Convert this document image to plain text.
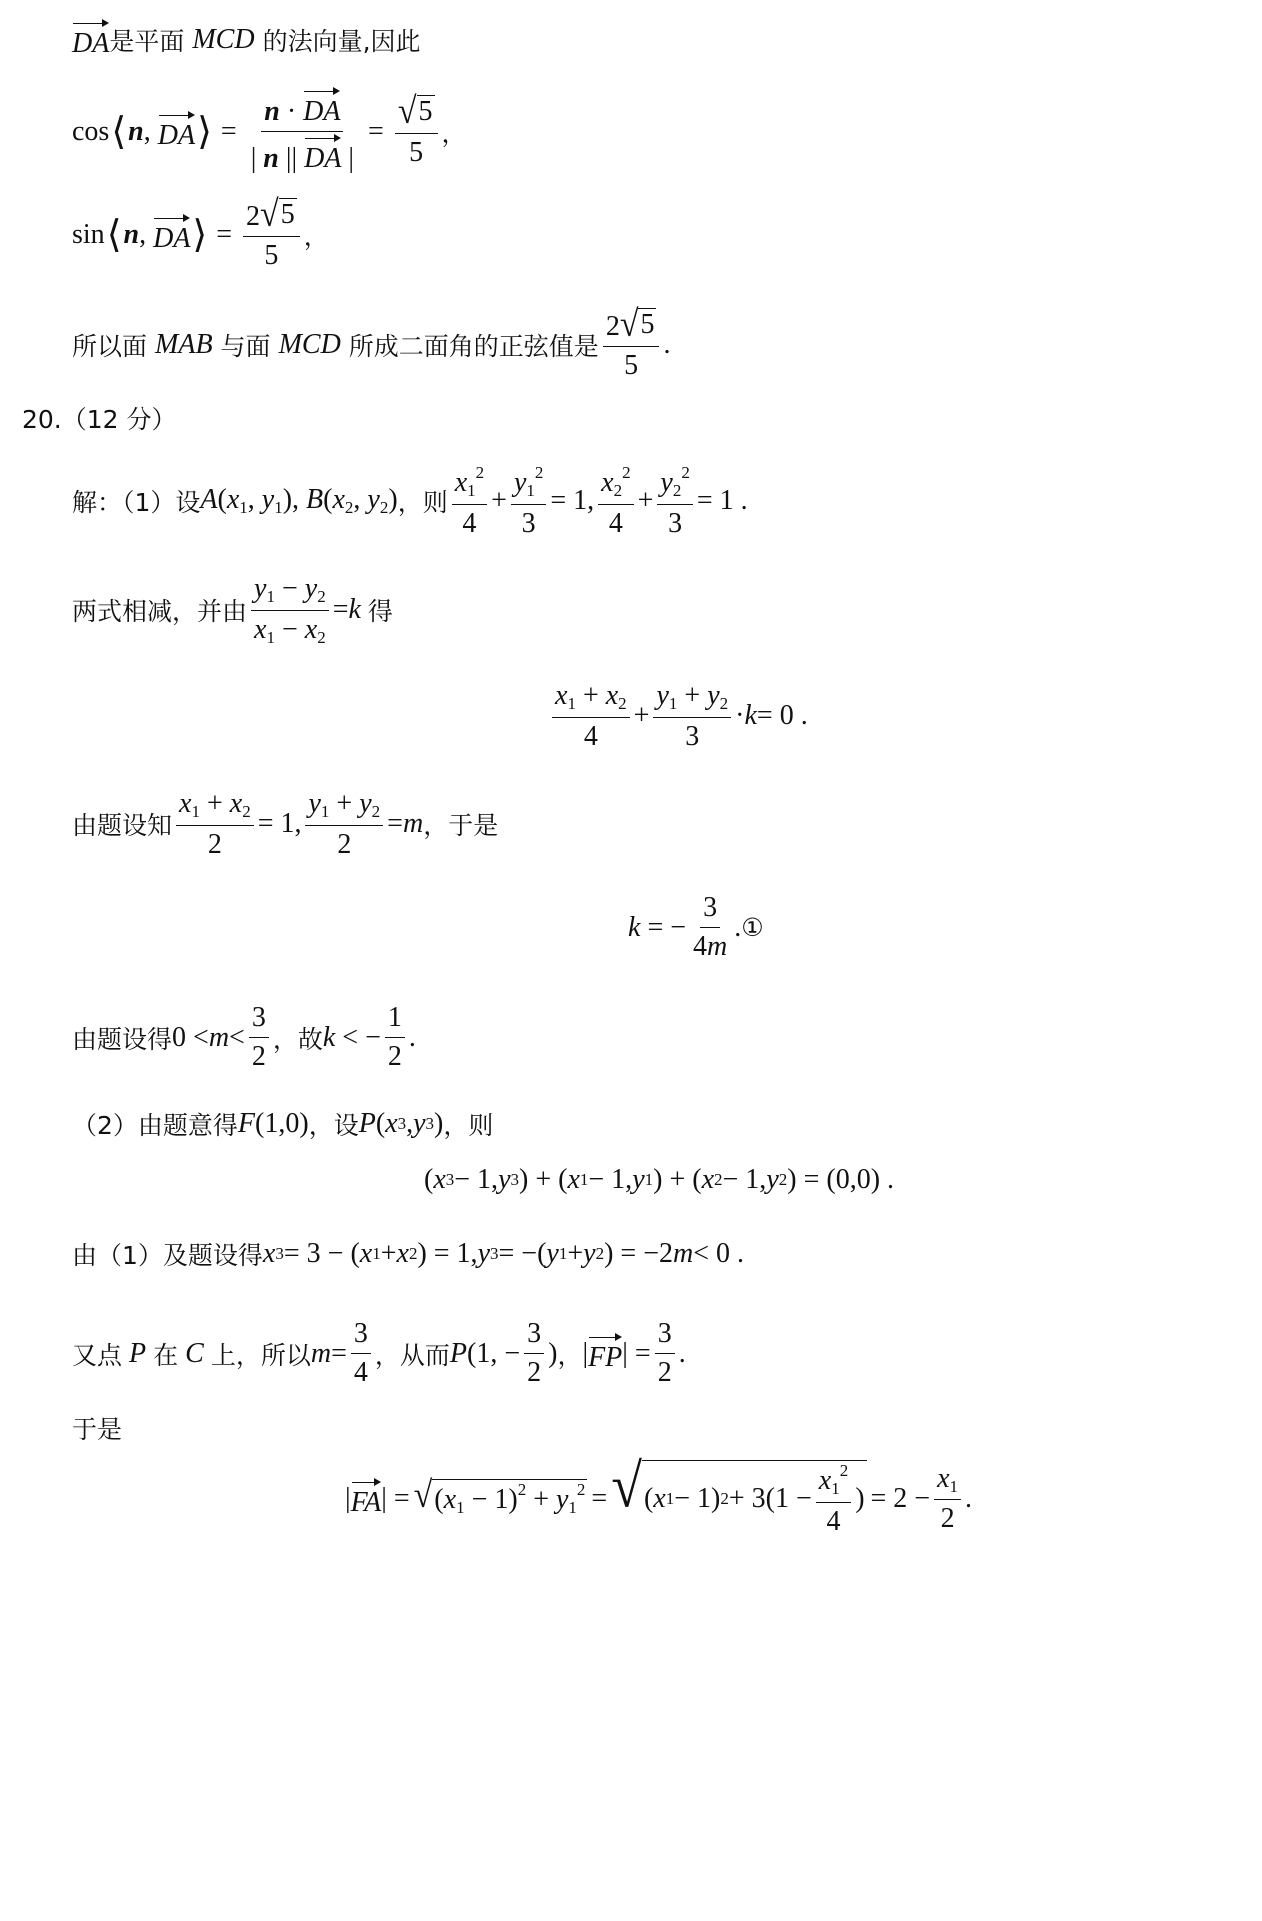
DA 是平面 MCD 的法向量,因此
cos ⟨ n , DA ⟩ = $\frac{n \cdot DA}{| n || DA |} = \frac{√ 5}{5}$ ，
sin ⟨ n , DA ⟩ = $\frac{2 √ 5}{5}$ ，
所以面 MAB 与面 MCD 所成二面角的正弦值是 $\frac{2 √ 5}{5}$ .
20.（12 分）
解：（1）设 $A(x_1$, $y_1$), $B(x_2$, $y_2$) ，则 $\frac{x_1^2}{4} + \frac{y_1^2}{3} = 1$, $\frac{x_2^2}{4} + \frac{y_2^2}{3} = 1$ .
两式相减，并由 $\frac{y_1 - y_2}{x_1 - x_2} = k$
得
$\frac{x_1 + x_2}{4} + \frac{y_1 + y_2}{3} \cdot k = 0$ .
由题设知 $\frac{x_1 + x_2}{2} = 1$, $\frac{y_1 + y_2}{2} = m$ ，于是
k = − $\frac{3}{4m}$ . ①
由题设得 $0 < m < \frac{3}{2}$ ，故 k < − $\frac{1}{2}$ .
（2）由题意得 F (1,0) ，设 P ( x 3 , y 3 ) ，则
( x 3 − 1, y 3 ) + ( x 1 − 1, y 1 ) + ( x 2 − 1, y 2 ) = (0,0) .
由（1）及题设得 x 3 = 3 − ( x 1 + x 2 ) = 1, y 3 = −( y 1 + y 2 ) = −2 m < 0 .
又点
P
在
C
上，所以 $m = \frac{3}{4}$ ，从而 P (1, − $\frac{3}{2}$ ) ， | FP | = $\frac{3}{2}$ .
于是
| FA | = √ $(x_1 - 1)^2 + y_1^2$ = √ ( x 1 − 1) $2 + 3(1 - \frac{x_1^2}{4}$ ) = $2 - \frac{x_1}{2}$ .
